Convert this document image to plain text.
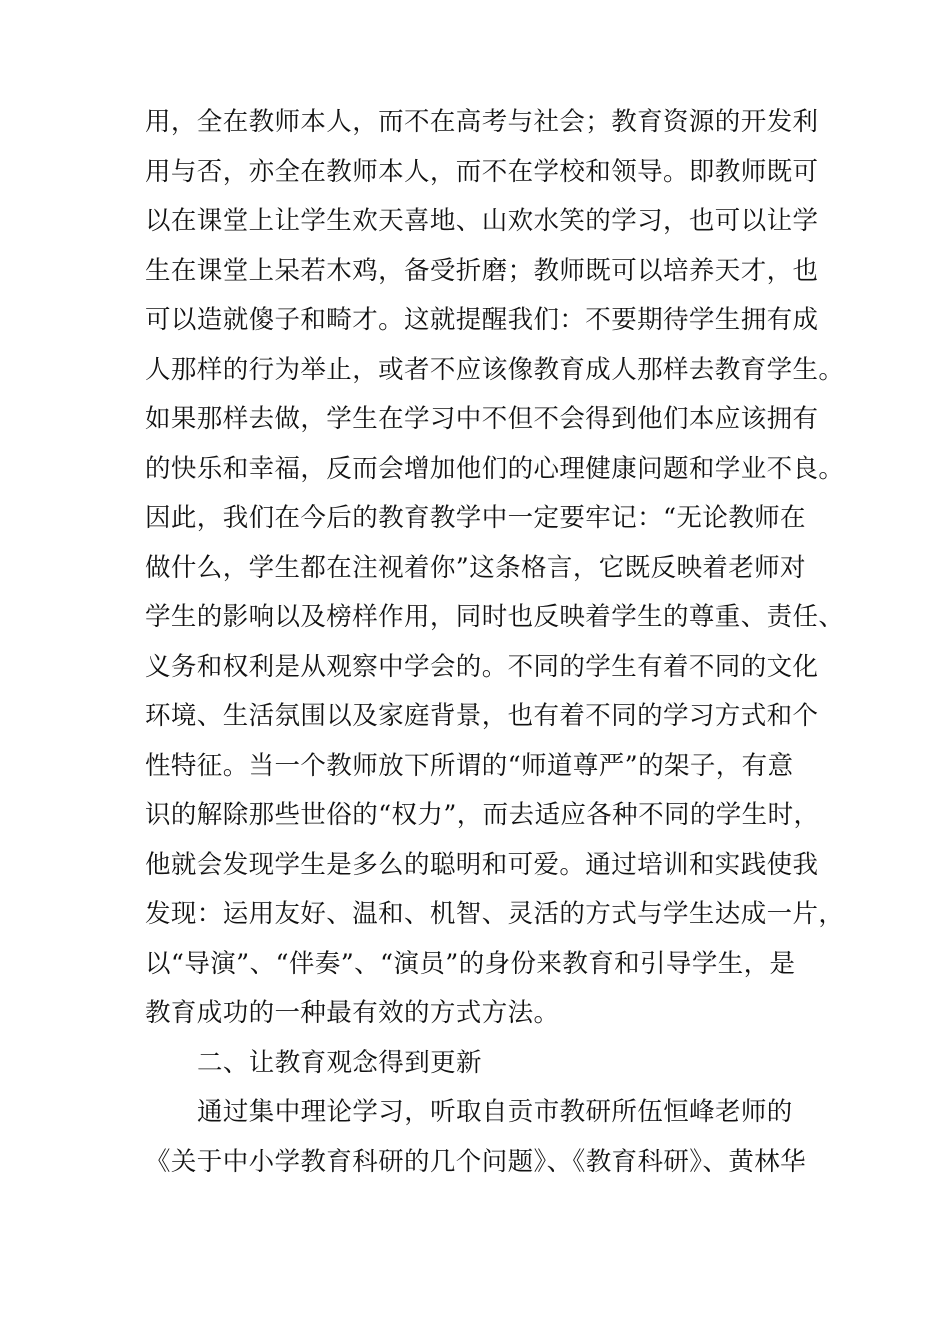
用，全在教师本人，而不在高考与社会；教育资源的开发利
用与否，亦全在教师本人，而不在学校和领导。即教师既可
以在课堂上让学生欢天喜地、山欢水笑的学习，也可以让学
生在课堂上呆若木鸡，备受折磨；教师既可以培养天才，也
可以造就傻子和畸才。这就提醒我们：不要期待学生拥有成
人那样的行为举止，或者不应该像教育成人那样去教育学生。
如果那样去做，学生在学习中不但不会得到他们本应该拥有
的快乐和幸福，反而会增加他们的心理健康问题和学业不良。
因此，我们在今后的教育教学中一定要牢记：“无论教师在
做什么，学生都在注视着你”这条格言，它既反映着老师对
学生的影响以及榜样作用，同时也反映着学生的尊重、责任、
义务和权利是从观察中学会的。不同的学生有着不同的文化
环境、生活氛围以及家庭背景，也有着不同的学习方式和个
性特征。当一个教师放下所谓的“师道尊严”的架子，有意
识的解除那些世俗的“权力”，而去适应各种不同的学生时，
他就会发现学生是多么的聪明和可爱。通过培训和实践使我
发现：运用友好、温和、机智、灵活的方式与学生达成一片，
以“导演”、“伴奏”、“演员”的身份来教育和引导学生，是
教育成功的一种最有效的方式方法。
二、让教育观念得到更新
通过集中理论学习，听取自贡市教研所伍恒峰老师的
《关于中小学教育科研的几个问题》、《教育科研》、黄林华
